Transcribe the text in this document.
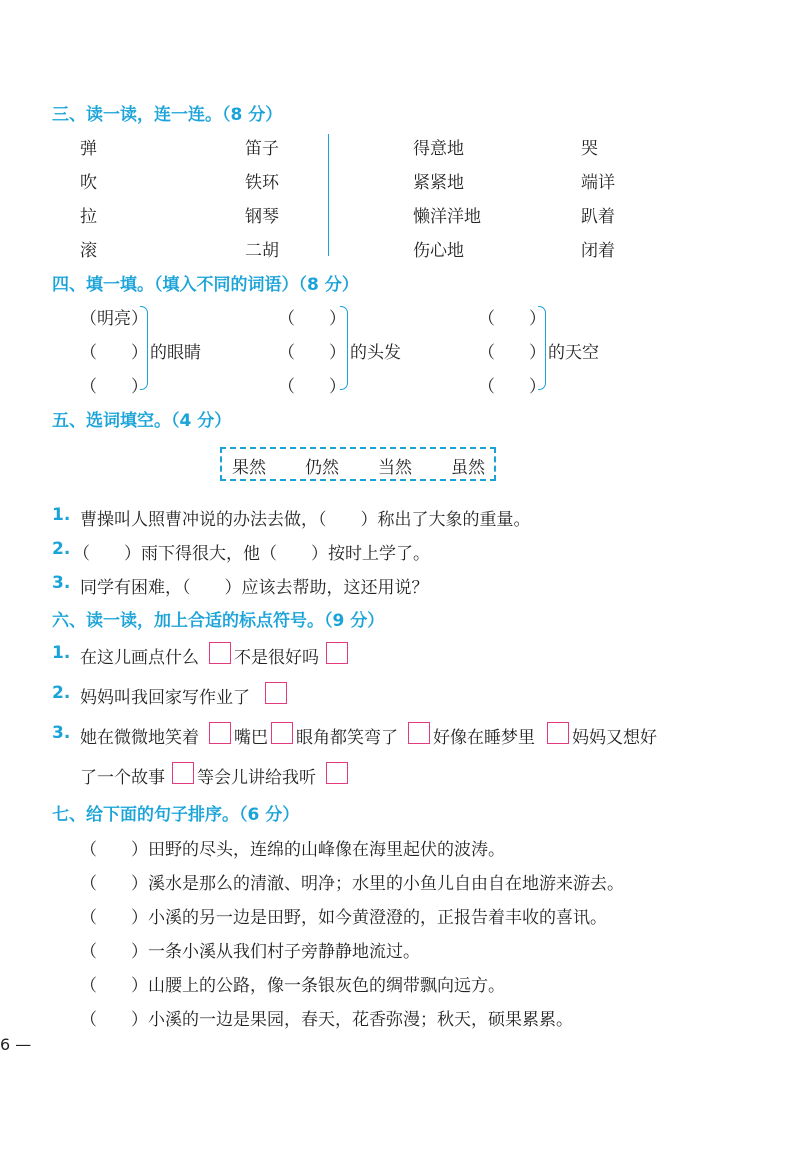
三、读一读，连一连。（8 分）
弹
吹
拉
滚
笛子
铁环
钢琴
二胡
得意地
紧紧地
懒洋洋地
伤心地
哭
端详
趴着
闭着
四、填一填。（填入不同的词语）（8 分）
（明亮）
（　　）
（　　）
的眼睛
（　　）
（　　）
（　　）
的头发
（　　）
（　　）
（　　）
的天空
五、选词填空。（4 分）
果然 仍然 当然 虽然
1. 曹操叫人照曹冲说的办法去做，（　　）称出了大象的重量。
2. （　　）雨下得很大，他（　　）按时上学了。
3. 同学有困难，（　　）应该去帮助，这还用说？
六、读一读，加上合适的标点符号。（9 分）
1. 在这儿画点什么 不是很好吗
2. 妈妈叫我回家写作业了
3. 她在微微地笑着 嘴巴 眼角都笑弯了 好像在睡梦里 妈妈又想好
了一个故事 等会儿讲给我听
七、给下面的句子排序。（6 分）
（　　）田野的尽头，连绵的山峰像在海里起伏的波涛。
（　　）溪水是那么的清澈、明净；水里的小鱼儿自由自在地游来游去。
（　　）小溪的另一边是田野，如今黄澄澄的，正报告着丰收的喜讯。
（　　）一条小溪从我们村子旁静静地流过。
（　　）山腰上的公路，像一条银灰色的绸带飘向远方。
（　　）小溪的一边是果园，春天，花香弥漫；秋天，硕果累累。
6 —
